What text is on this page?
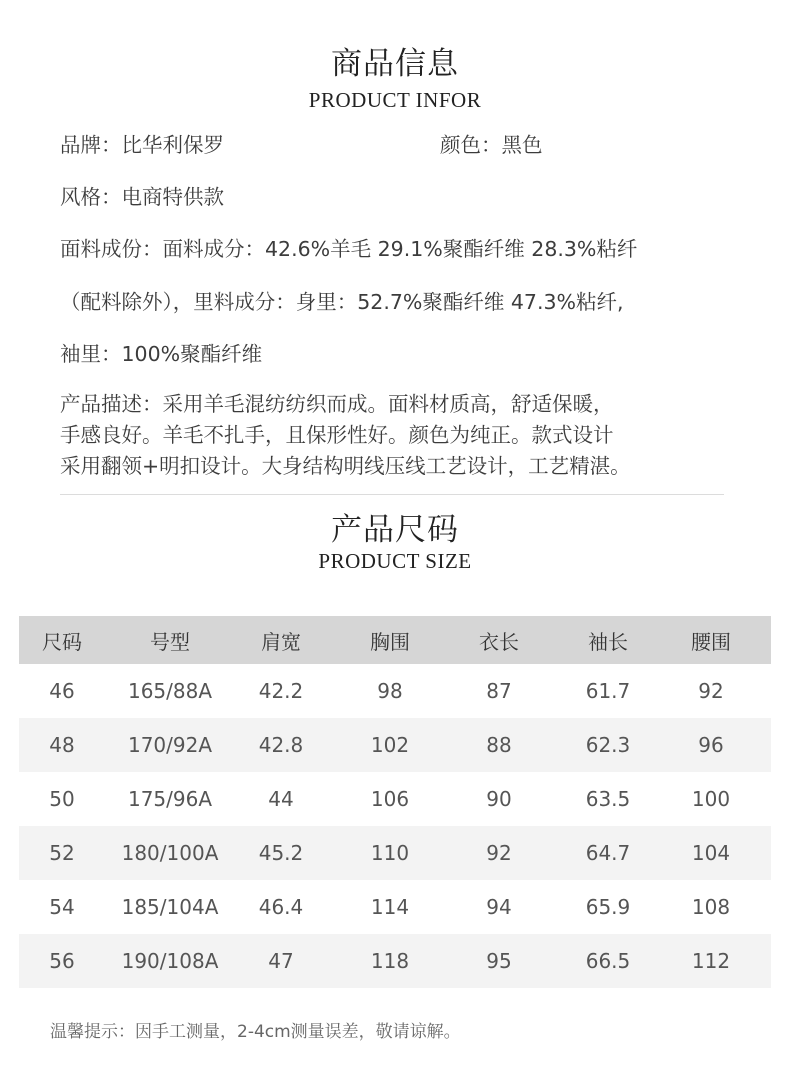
商品信息
PRODUCT INFOR
品牌：比华利保罗	颜色：黑色
风格：电商特供款
面料成份：面料成分：42.6%羊毛 29.1%聚酯纤维 28.3%粘纤
（配料除外），里料成分：身里：52.7%聚酯纤维 47.3%粘纤,
袖里：100%聚酯纤维
产品描述：采用羊毛混纺纺织而成。面料材质高，舒适保暖，
手感良好。羊毛不扎手，且保形性好。颜色为纯正。款式设计
采用翻领+明扣设计。大身结构明线压线工艺设计，工艺精湛。
产品尺码
PRODUCT SIZE
尺码	号型	肩宽	胸围	衣长	袖长	腰围
46	165/88A	42.2	98	87	61.7	92
48	170/92A	42.8	102	88	62.3	96
50	175/96A	44	106	90	63.5	100
52	180/100A	45.2	110	92	64.7	104
54	185/104A	46.4	114	94	65.9	108
56	190/108A	47	118	95	66.5	112
温馨提示：因手工测量，2-4cm测量误差，敬请谅解。
